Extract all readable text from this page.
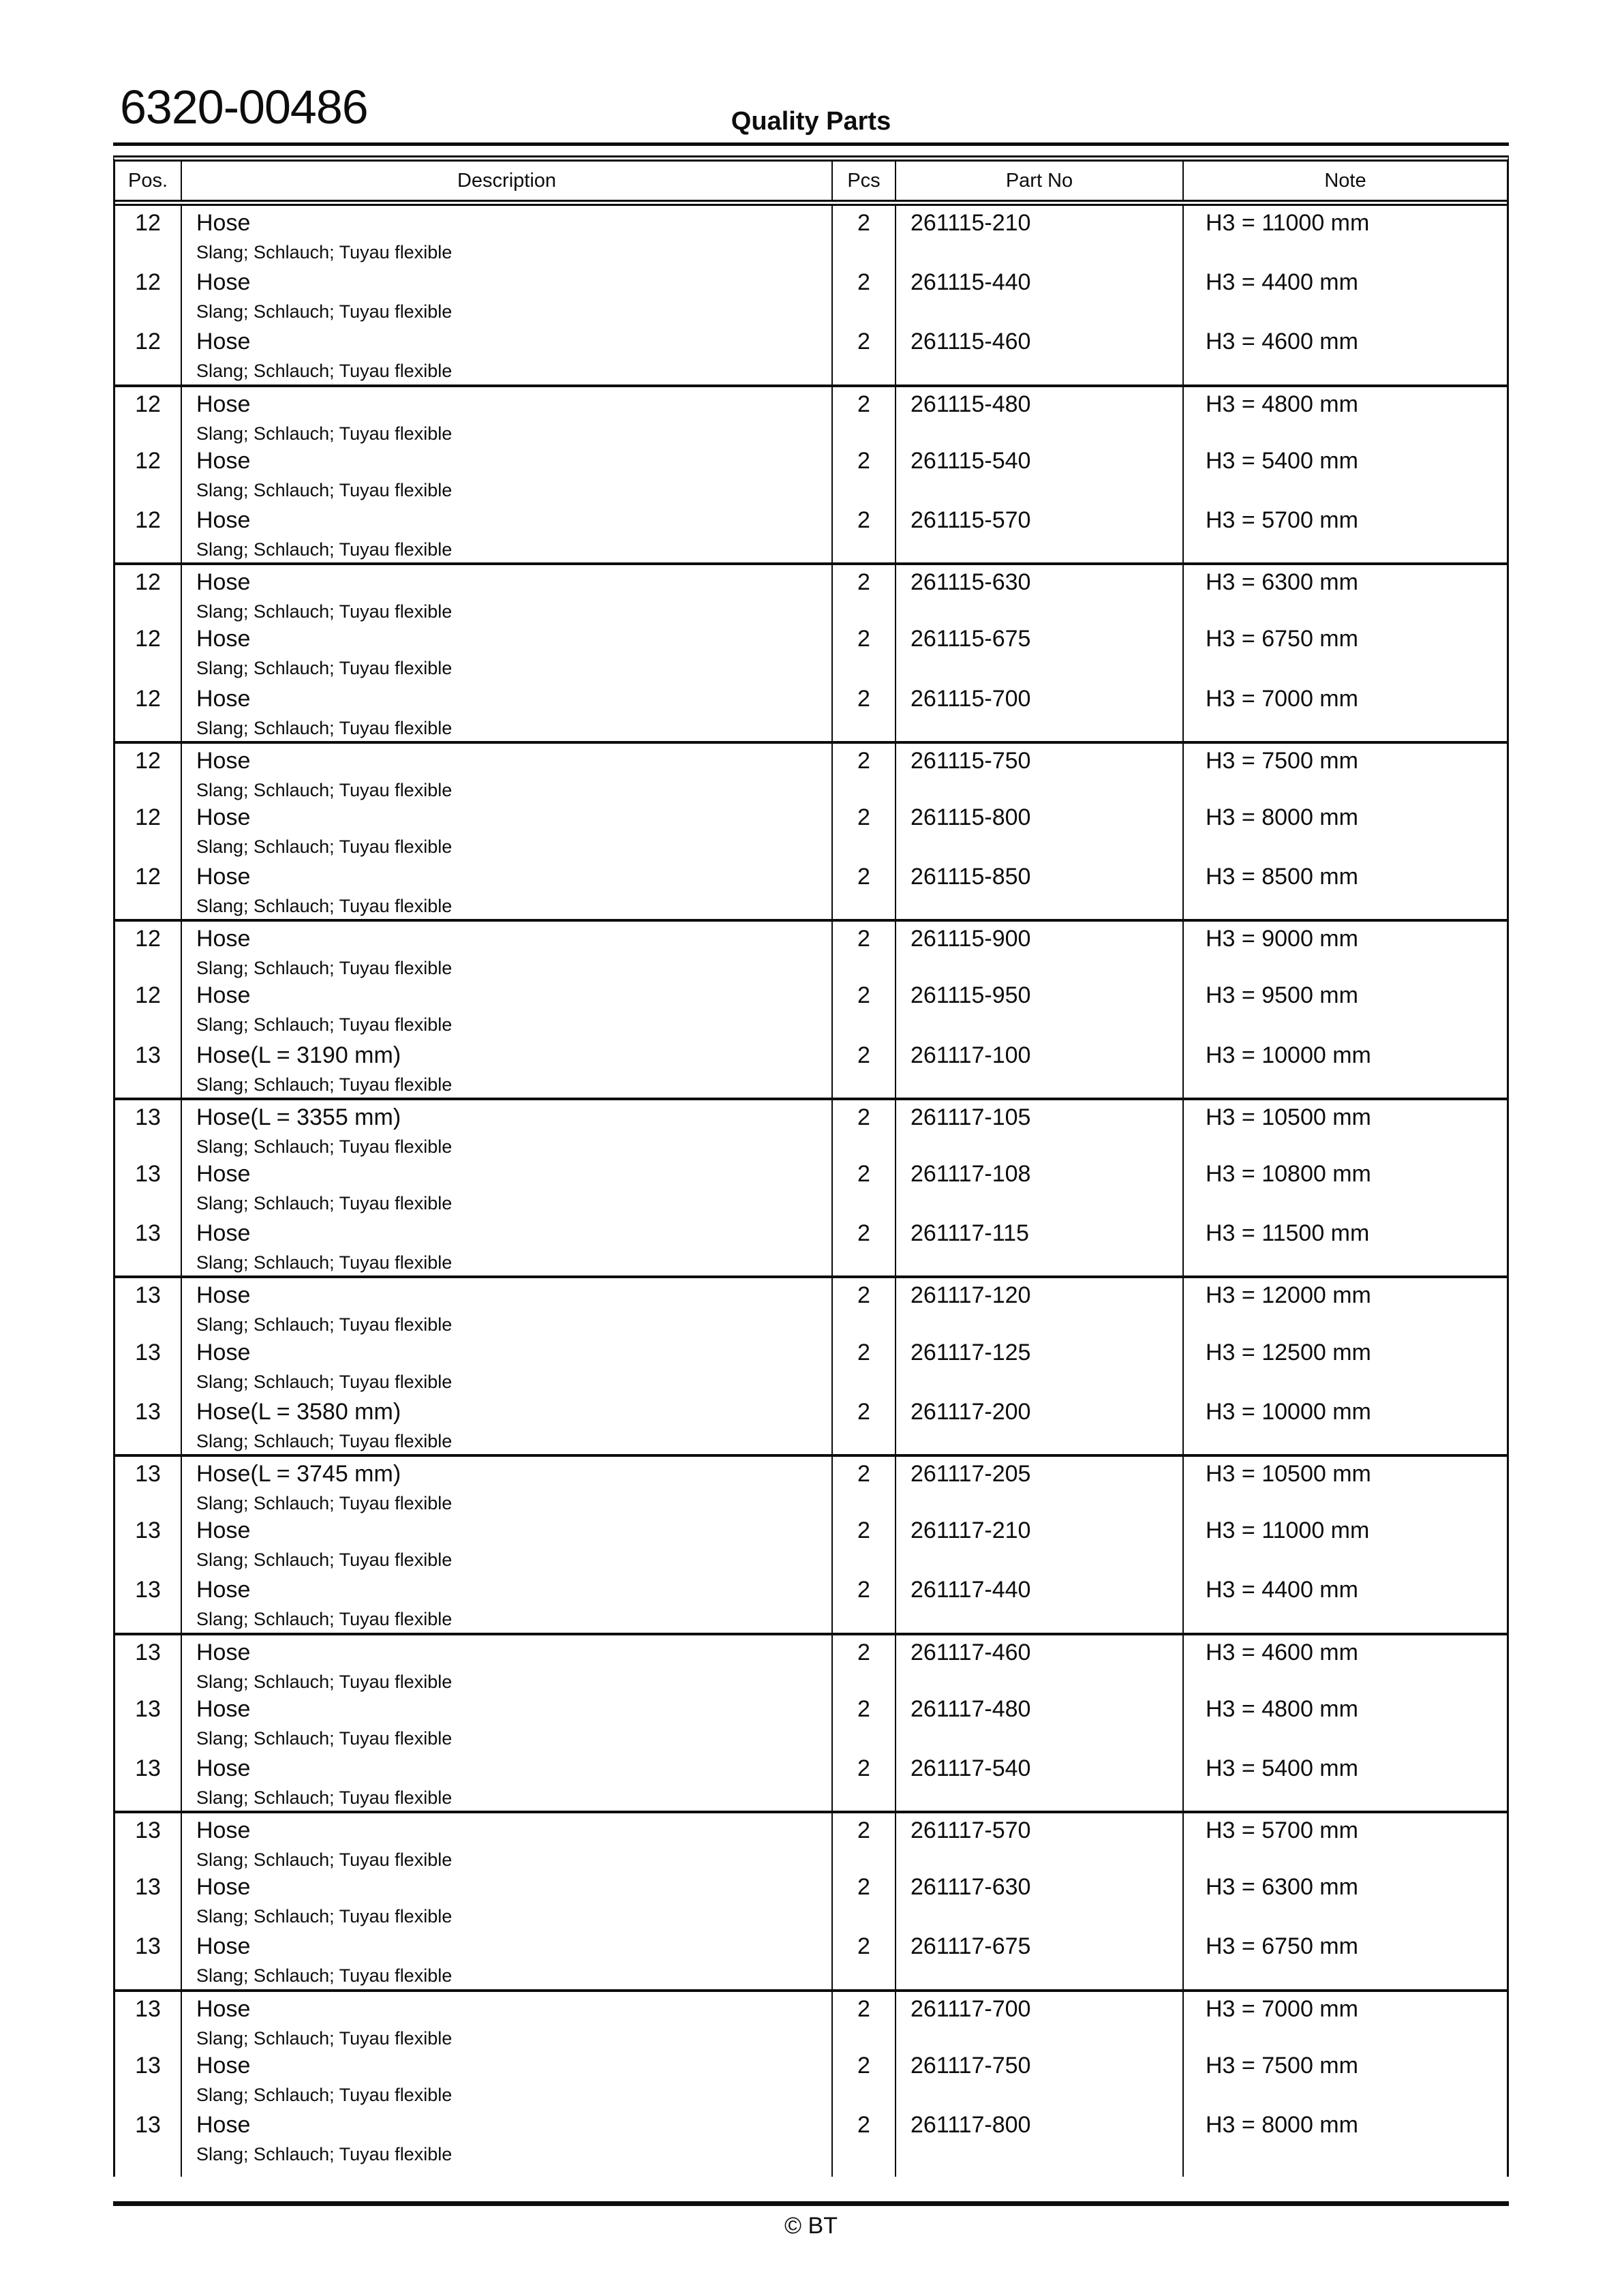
6320-00486	Quality Parts
Pos.	Description	Pcs	Part No	Note
12	Hose
Slang; Schlauch; Tuyau flexible
2	261115-210	H3 = 11000 mm
12	Hose
Slang; Schlauch; Tuyau flexible
2	261115-440	H3 = 4400 mm
12	Hose
Slang; Schlauch; Tuyau flexible
2	261115-460	H3 = 4600 mm
12	Hose
Slang; Schlauch; Tuyau flexible
2	261115-480	H3 = 4800 mm
12	Hose
Slang; Schlauch; Tuyau flexible
2	261115-540	H3 = 5400 mm
12	Hose
Slang; Schlauch; Tuyau flexible
2	261115-570	H3 = 5700 mm
12	Hose
Slang; Schlauch; Tuyau flexible
2	261115-630	H3 = 6300 mm
12	Hose
Slang; Schlauch; Tuyau flexible
2	261115-675	H3 = 6750 mm
12	Hose
Slang; Schlauch; Tuyau flexible
2	261115-700	H3 = 7000 mm
12	Hose
Slang; Schlauch; Tuyau flexible
2	261115-750	H3 = 7500 mm
12	Hose
Slang; Schlauch; Tuyau flexible
2	261115-800	H3 = 8000 mm
12	Hose
Slang; Schlauch; Tuyau flexible
2	261115-850	H3 = 8500 mm
12	Hose
Slang; Schlauch; Tuyau flexible
2	261115-900	H3 = 9000 mm
12	Hose
Slang; Schlauch; Tuyau flexible
2	261115-950	H3 = 9500 mm
13	Hose(L = 3190 mm)
Slang; Schlauch; Tuyau flexible
2	261117-100	H3 = 10000 mm
13	Hose(L = 3355 mm)
Slang; Schlauch; Tuyau flexible
2	261117-105	H3 = 10500 mm
13	Hose
Slang; Schlauch; Tuyau flexible
2	261117-108	H3 = 10800 mm
13	Hose
Slang; Schlauch; Tuyau flexible
2	261117-115	H3 = 11500 mm
13	Hose
Slang; Schlauch; Tuyau flexible
2	261117-120	H3 = 12000 mm
13	Hose
Slang; Schlauch; Tuyau flexible
2	261117-125	H3 = 12500 mm
13	Hose(L = 3580 mm)
Slang; Schlauch; Tuyau flexible
2	261117-200	H3 = 10000 mm
13	Hose(L = 3745 mm)
Slang; Schlauch; Tuyau flexible
2	261117-205	H3 = 10500 mm
13	Hose
Slang; Schlauch; Tuyau flexible
2	261117-210	H3 = 11000 mm
13	Hose
Slang; Schlauch; Tuyau flexible
2	261117-440	H3 = 4400 mm
13	Hose
Slang; Schlauch; Tuyau flexible
2	261117-460	H3 = 4600 mm
13	Hose
Slang; Schlauch; Tuyau flexible
2	261117-480	H3 = 4800 mm
13	Hose
Slang; Schlauch; Tuyau flexible
2	261117-540	H3 = 5400 mm
13	Hose
Slang; Schlauch; Tuyau flexible
2	261117-570	H3 = 5700 mm
13	Hose
Slang; Schlauch; Tuyau flexible
2	261117-630	H3 = 6300 mm
13	Hose
Slang; Schlauch; Tuyau flexible
2	261117-675	H3 = 6750 mm
13	Hose
Slang; Schlauch; Tuyau flexible
2	261117-700	H3 = 7000 mm
13	Hose
Slang; Schlauch; Tuyau flexible
2	261117-750	H3 = 7500 mm
13	Hose
Slang; Schlauch; Tuyau flexible
2	261117-800	H3 = 8000 mm
© BT
